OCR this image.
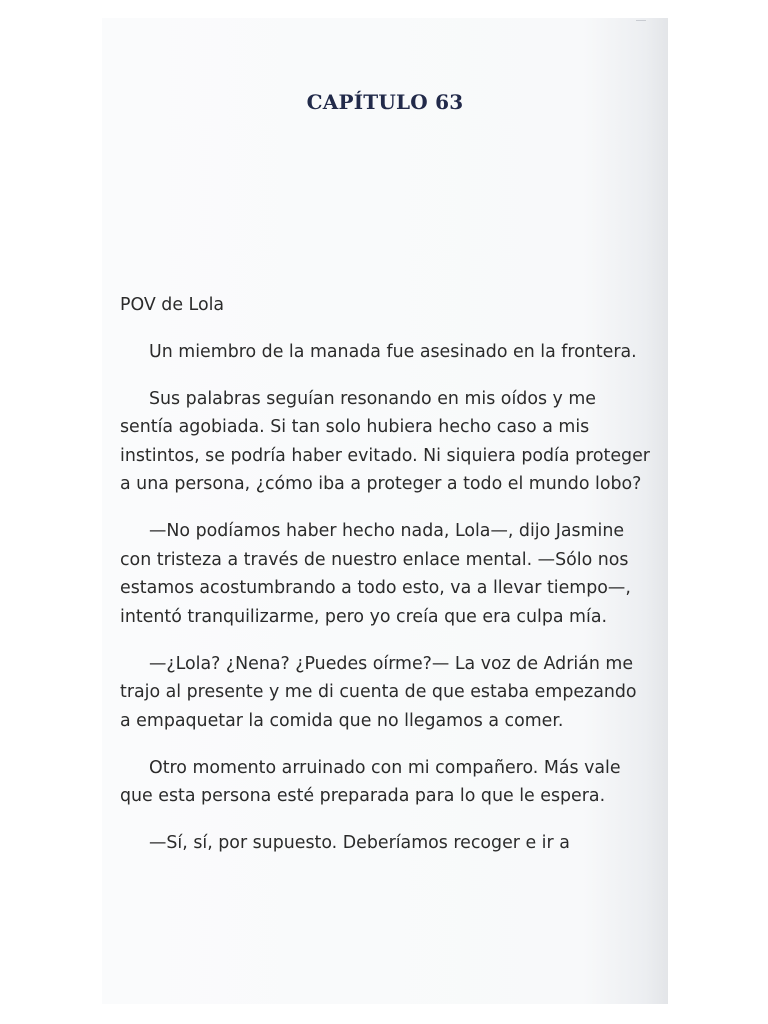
CAPÍTULO 63

POV de Lola

Un miembro de la manada fue asesinado en la frontera.

Sus palabras seguían resonando en mis oídos y me sentía agobiada. Si tan solo hubiera hecho caso a mis instintos, se podría haber evitado. Ni siquiera podía proteger a una persona, ¿cómo iba a proteger a todo el mundo lobo?

—No podíamos haber hecho nada, Lola—, dijo Jasmine con tristeza a través de nuestro enlace mental. —Sólo nos estamos acostumbrando a todo esto, va a llevar tiempo—, intentó tranquilizarme, pero yo creía que era culpa mía.

—¿Lola? ¿Nena? ¿Puedes oírme?— La voz de Adrián me trajo al presente y me di cuenta de que estaba empezando a empaquetar la comida que no llegamos a comer.

Otro momento arruinado con mi compañero. Más vale que esta persona esté preparada para lo que le espera.

—Sí, sí, por supuesto. Deberíamos recoger e ir a
